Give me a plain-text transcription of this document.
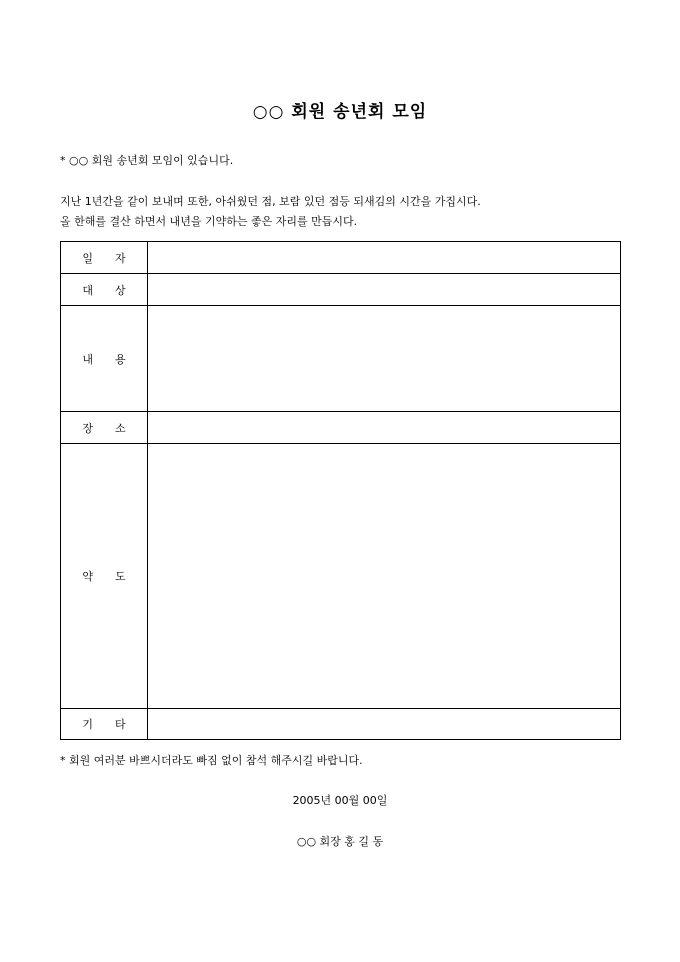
○○ 회원 송년회 모임
* ○○ 회원 송년회 모임이 있습니다.
지난 1년간을 같이 보내며 또한, 아쉬웠던 점, 보람 있던 점등 되새김의 시간을 가집시다.
올 한해를 결산 하면서 내년을 기약하는 좋은 자리를 만듭시다.
일 자	
대 상	
내 용	
장 소	
약 도	
기 타	
* 회원 여러분 바쁘시더라도 빠짐 없이 참석 해주시길 바랍니다.
2005년 00월 00일
○○ 회장 홍 길 동
